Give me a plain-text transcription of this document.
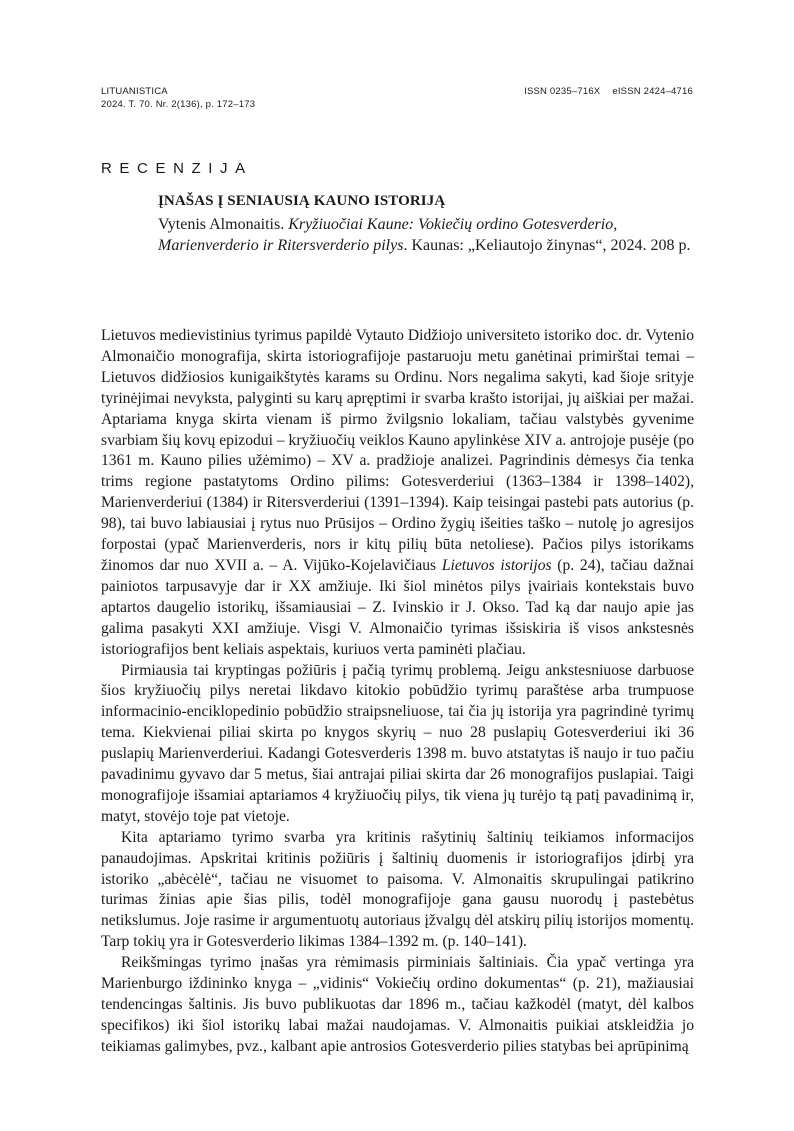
LITUANISTICA
2024. T. 70. Nr. 2(136), p. 172–173
ISSN 0235–716X eISSN 2424–4716
RECENZIJA
ĮNAŠAS Į SENIAUSIĄ KAUNO ISTORIJĄ
Vytenis Almonaitis. Kryžiuočiai Kaune: Vokiečių ordino Gotesverderio, Marienverderio ir Ritersverderio pilys. Kaunas: „Keliautojo žinynas“, 2024. 208 p.

Lietuvos medievistinius tyrimus papildė Vytauto Didžiojo universiteto istoriko doc. dr. Vytenio Almonaičio monografija, skirta istoriografijoje pastaruoju metu ganėtinai primirštai temai – Lietuvos didžiosios kunigaikštytės karams su Ordinu. Nors negalima sakyti, kad šioje srityje tyrinėjimai nevyksta, palyginti su karų apręptimi ir svarba krašto istorijai, jų aiškiai per mažai. Aptariama knyga skirta vienam iš pirmo žvilgsnio lokaliam, tačiau valstybės gyvenime svarbiam šių kovų epizodui – kryžiuočių veiklos Kauno apylinkėse XIV a. antrojoje pusėje (po 1361 m. Kauno pilies užėmimo) – XV a. pradžioje analizei. Pagrindinis dėmesys čia tenka trims regione pastatytoms Ordino pilims: Gotesverderiui (1363–1384 ir 1398–1402), Marienverderiui (1384) ir Ritersverderiui (1391–1394). Kaip teisingai pastebi pats autorius (p. 98), tai buvo labiausiai į rytus nuo Prūsijos – Ordino žygių išeities taško – nutolę jo agresijos forpostai (ypač Marienverderis, nors ir kitų pilių būta netoliese). Pačios pilys istorikams žinomos dar nuo XVII a. – A. Vijūko-Kojelavičiaus Lietuvos istorijos (p. 24), tačiau dažnai painiotos tarpusavyje dar ir XX amžiuje. Iki šiol minėtos pilys įvairiais kontekstais buvo aptartos daugelio istorikų, išsamiausiai – Z. Ivinskio ir J. Okso. Tad ką dar naujo apie jas galima pasakyti XXI amžiuje. Visgi V. Almonaičio tyrimas išsiskiria iš visos ankstesnės istoriografijos bent keliais aspektais, kuriuos verta paminėti plačiau.

Pirmiausia tai kryptingas požiūris į pačią tyrimų problemą. Jeigu ankstesniuose darbuose šios kryžiuočių pilys neretai likdavo kitokio pobūdžio tyrimų paraštėse arba trumpuose informacinio-enciklopedinio pobūdžio straipsneliuose, tai čia jų istorija yra pagrindinė tyrimų tema. Kiekvienai piliai skirta po knygos skyrių – nuo 28 puslapių Gotesverderiui iki 36 puslapių Marienverderiui. Kadangi Gotesverderis 1398 m. buvo atstatytas iš naujo ir tuo pačiu pavadinimu gyvavo dar 5 metus, šiai antrajai piliai skirta dar 26 monografijos puslapiai. Taigi monografijoje išsamiai aptariamos 4 kryžiuočių pilys, tik viena jų turėjo tą patį pavadinimą ir, matyt, stovėjo toje pat vietoje.

Kita aptariamo tyrimo svarba yra kritinis rašytinių šaltinių teikiamos informacijos panaudojimas. Apskritai kritinis požiūris į šaltinių duomenis ir istoriografijos įdirbį yra istoriko „abėcėlė“, tačiau ne visuomet to paisoma. V. Almonaitis skrupulingai patikrino turimas žinias apie šias pilis, todėl monografijoje gana gausu nuorodų į pastebėtus netikslumus. Joje rasime ir argumentuotų autoriaus įžvalgų dėl atskirų pilių istorijos momentų. Tarp tokių yra ir Gotesverderio likimas 1384–1392 m. (p. 140–141).

Reikšmingas tyrimo įnašas yra rėmimasis pirminiais šaltiniais. Čia ypač vertinga yra Marienburgo iždininko knyga – „vidinis“ Vokiečių ordino dokumentas“ (p. 21), mažiausiai tendencingas šaltinis. Jis buvo publikuotas dar 1896 m., tačiau kažkodėl (matyt, dėl kalbos specifikos) iki šiol istorikų labai mažai naudojamas. V. Almonaitis puikiai atskleidžia jo teikiamas galimybes, pvz., kalbant apie antrosios Gotesverderio pilies statybas bei aprūpinimą
